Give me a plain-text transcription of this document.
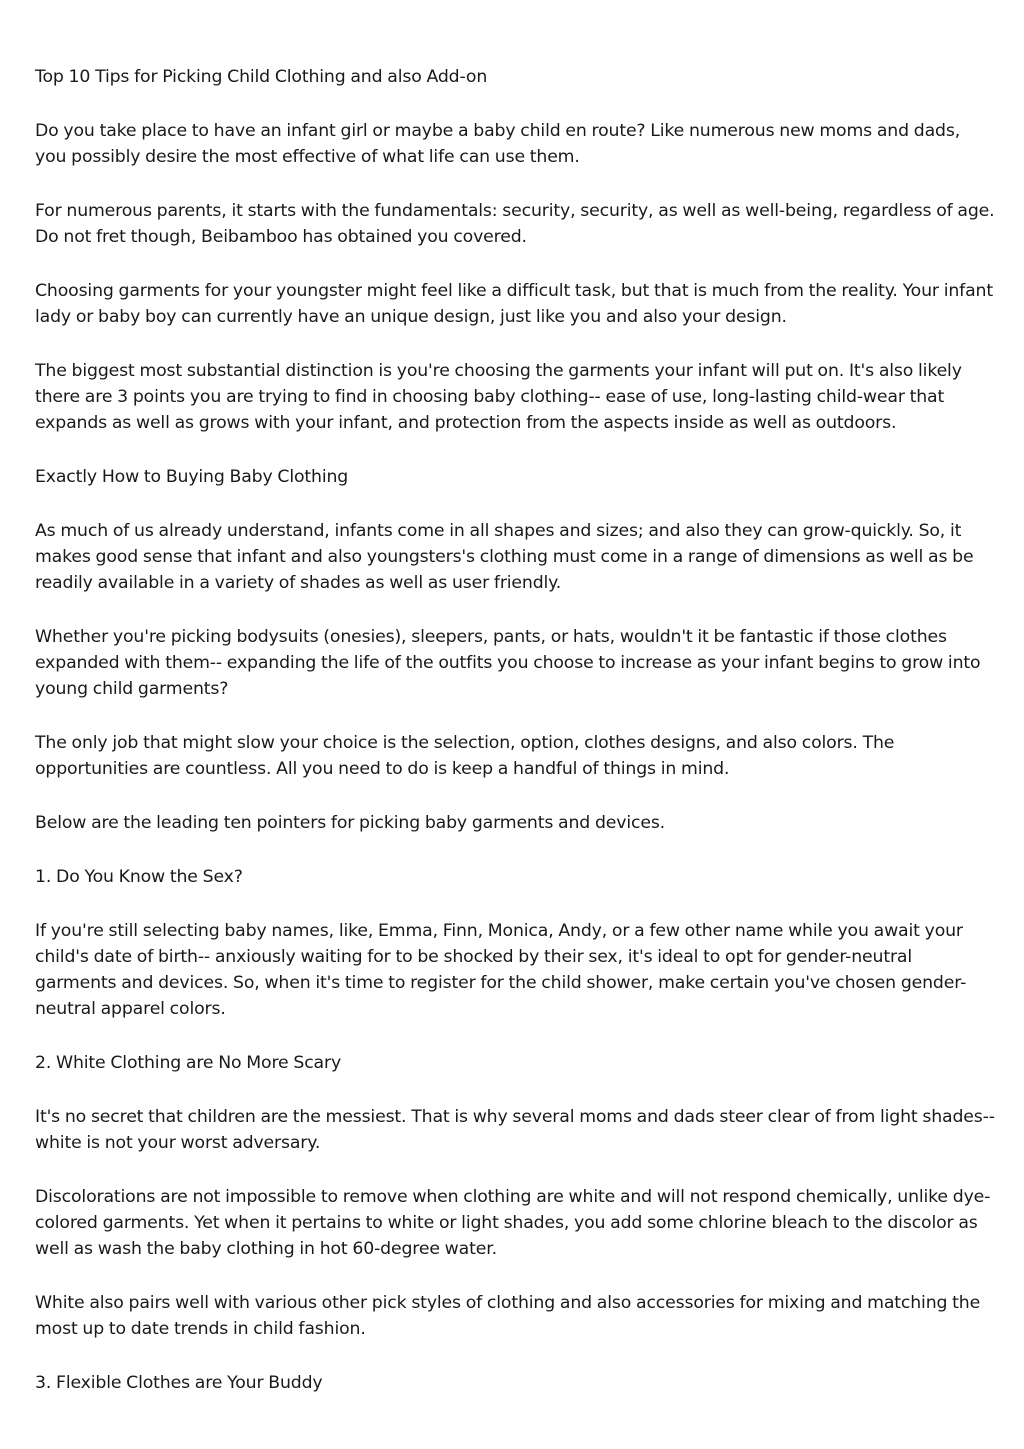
Top 10 Tips for Picking Child Clothing and also Add-on

Do you take place to have an infant girl or maybe a baby child en route? Like numerous new moms and dads, you possibly desire the most effective of what life can use them.

For numerous parents, it starts with the fundamentals: security, security, as well as well-being, regardless of age. Do not fret though, Beibamboo has obtained you covered.

Choosing garments for your youngster might feel like a difficult task, but that is much from the reality. Your infant lady or baby boy can currently have an unique design, just like you and also your design.

The biggest most substantial distinction is you're choosing the garments your infant will put on. It's also likely there are 3 points you are trying to find in choosing baby clothing-- ease of use, long-lasting child-wear that expands as well as grows with your infant, and protection from the aspects inside as well as outdoors.

Exactly How to Buying Baby Clothing

As much of us already understand, infants come in all shapes and sizes; and also they can grow-quickly. So, it makes good sense that infant and also youngsters's clothing must come in a range of dimensions as well as be readily available in a variety of shades as well as user friendly.

Whether you're picking bodysuits (onesies), sleepers, pants, or hats, wouldn't it be fantastic if those clothes expanded with them-- expanding the life of the outfits you choose to increase as your infant begins to grow into young child garments?

The only job that might slow your choice is the selection, option, clothes designs, and also colors. The opportunities are countless. All you need to do is keep a handful of things in mind.

Below are the leading ten pointers for picking baby garments and devices.

1. Do You Know the Sex?

If you're still selecting baby names, like, Emma, Finn, Monica, Andy, or a few other name while you await your child's date of birth-- anxiously waiting for to be shocked by their sex, it's ideal to opt for gender-neutral garments and devices. So, when it's time to register for the child shower, make certain you've chosen gender-neutral apparel colors.

2. White Clothing are No More Scary

It's no secret that children are the messiest. That is why several moms and dads steer clear of from light shades-- white is not your worst adversary.

Discolorations are not impossible to remove when clothing are white and will not respond chemically, unlike dye-colored garments. Yet when it pertains to white or light shades, you add some chlorine bleach to the discolor as well as wash the baby clothing in hot 60-degree water.

White also pairs well with various other pick styles of clothing and also accessories for mixing and matching the most up to date trends in child fashion.

3. Flexible Clothes are Your Buddy
